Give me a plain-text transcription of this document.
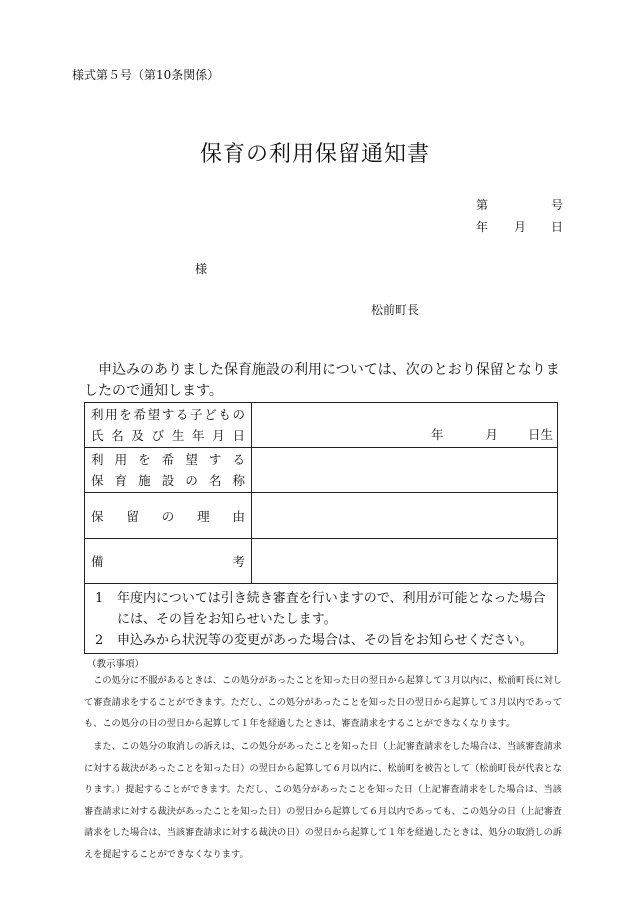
様式第５号（第10条関係）
保育の利用保留通知書
第	号
年 月 日
様
松前町長

申込みのありました保育施設の利用については、次のとおり保留となりましたので通知します。

利用を希望する子どもの
氏名及び生年月日	年 月 日生

利用を希望する
保育施設の名称	

保留の理由	

備考	

1 年度内については引き続き審査を行いますので、利用が可能となった場合には、その旨をお知らせいたします。
2 申込みから状況等の変更があった場合は、その旨をお知らせください。	
（教示事項）

この処分に不服があるときは、この処分があったことを知った日の翌日から起算して３月以内に、松前町長に対して審査請求をすることができます。ただし、この処分があったことを知った日の翌日から起算して３月以内であっても、この処分の日の翌日から起算して１年を経過したときは、審査請求をすることができなくなります。

また、この処分の取消しの訴えは、この処分があったことを知った日（上記審査請求をした場合は、当該審査請求に対する裁決があったことを知った日）の翌日から起算して６月以内に、松前町を被告として（松前町長が代表となります。）提起することができます。ただし、この処分があったことを知った日（上記審査請求をした場合は、当該審査請求に対する裁決があったことを知った日）の翌日から起算して６月以内であっても、この処分の日（上記審査請求をした場合は、当該審査請求に対する裁決の日）の翌日から起算して１年を経過したときは、処分の取消しの訴えを提起することができなくなります。
